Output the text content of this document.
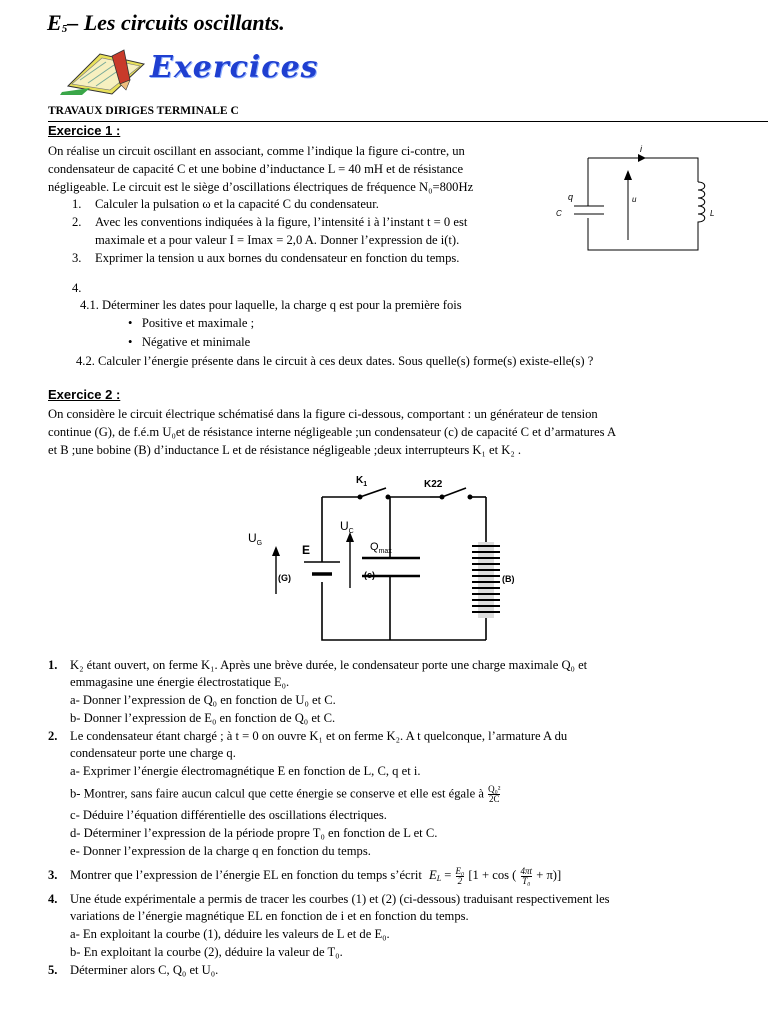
$E_5-$ Les circuits oscillants.
Exercices
TRAVAUX DIRIGES TERMINALE C
Exercice 1 :
On réalise un circuit oscillant en associant, comme l’indique la figure ci-contre, un
condensateur de capacité C et une bobine d’inductance L = 40 mH et de résistance
négligeable. Le circuit est le siège d’oscillations électriques de fréquence N₀=800Hz
1. Calculer la pulsation ω et la capacité C du condensateur.
2. Avec les conventions indiquées à la figure, l’intensité i à l’instant t = 0 est
maximale et a pour valeur I = Imax = 2,0 A. Donner l’expression de i(t).
3. Exprimer la tension u aux bornes du condensateur en fonction du temps.
4.
4.1. Déterminer les dates pour laquelle, la charge q est pour la première fois
•   Positive et maximale ;
•   Négative et minimale
4.2. Calculer l’énergie présente dans le circuit à ces deux dates. Sous quelle(s) forme(s) existe-elle(s) ?
i
u
q
C	L
Exercice 2 :
On considère le circuit électrique schématisé dans la figure ci-dessous, comportant : un générateur de tension
continue (G), de f.é.m U₀et de résistance interne négligeable ;un condensateur (c) de capacité C et d’armatures A
et B ;une bobine (B) d’inductance L et de résistance négligeable ;deux interrupteurs K₁ et K₂ .
$K_1$	K22
$U_G$	E
(G)
$U_C$
$Q_{max}$
(c)	(B)
1. K₂ étant ouvert, on ferme K₁. Après une brève durée, le condensateur porte une charge maximale Q₀ et
emmagasine une énergie électrostatique E₀.
a- Donner l’expression de Q₀ en fonction de U₀ et C.
b- Donner l’expression de E₀ en fonction de Q₀ et C.
2. Le condensateur étant chargé ; à t = 0 on ouvre K₁ et on ferme K₂. A t quelconque, l’armature A du
condensateur porte une charge q.
a- Exprimer l’énergie électromagnétique E en fonction de L, C, q et i.
b- Montrer, sans faire aucun calcul que cette énergie se conserve et elle est égale à $\frac{\text{Q₀²}}{2C}$
c- Déduire l’équation différentielle des oscillations électriques.
d- Déterminer l’expression de la période propre T₀ en fonction de L et C.
e- Donner l’expression de la charge q en fonction du temps.
3. Montrer que l’expression de l’énergie EL en fonction du temps s’écrit $E_L = \frac{\text{E₀}}{2} [1 + \cos$ ( $\frac{4\pi t}{\text{T₀}} + \pi$)]
4. Une étude expérimentale a permis de tracer les courbes (1) et (2) (ci-dessous) traduisant respectivement les
variations de l’énergie magnétique EL en fonction de i et en fonction du temps.
a- En exploitant la courbe (1), déduire les valeurs de L et de E₀.
b- En exploitant la courbe (2), déduire la valeur de T₀.
5. Déterminer alors C, Q₀ et U₀.
